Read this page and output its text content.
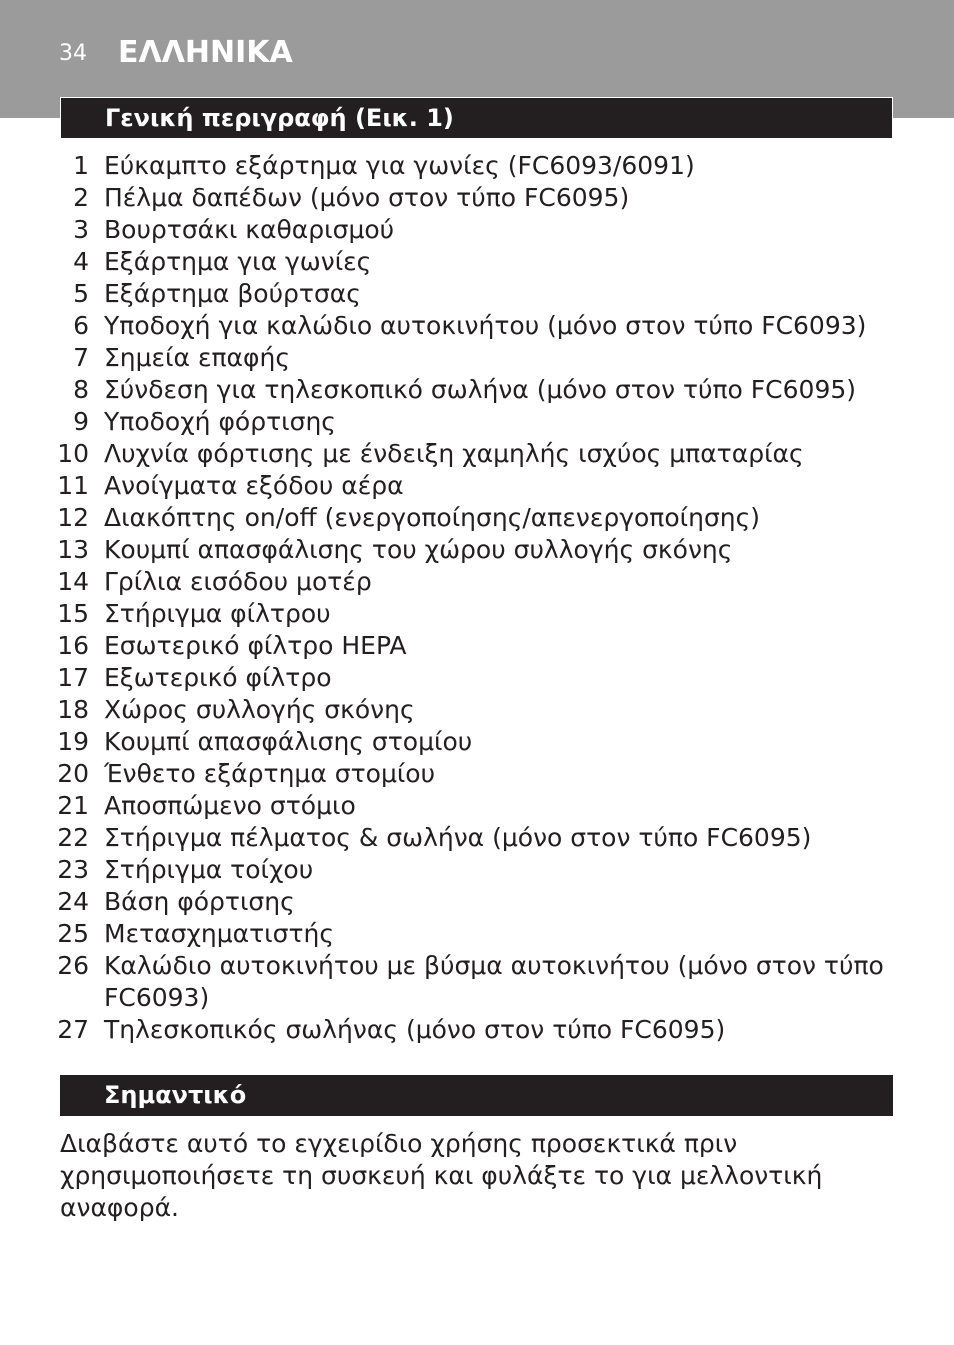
34 ΕΛΛΗΝΙΚΑ
Γενική περιγραφή (Εικ. 1)
1 Εύκαμπτο εξάρτημα για γωνίες (FC6093/6091)
2 Πέλμα δαπέδων (μόνο στον τύπο FC6095)
3 Βουρτσάκι καθαρισμού
4 Εξάρτημα για γωνίες
5 Εξάρτημα βούρτσας
6 Υποδοχή για καλώδιο αυτοκινήτου (μόνο στον τύπο FC6093)
7 Σημεία επαφής
8 Σύνδεση για τηλεσκοπικό σωλήνα (μόνο στον τύπο FC6095)
9 Υποδοχή φόρτισης
10 Λυχνία φόρτισης με ένδειξη χαμηλής ισχύος μπαταρίας
11 Ανοίγματα εξόδου αέρα
12 Διακόπτης on/off (ενεργοποίησης/απενεργοποίησης)
13 Κουμπί απασφάλισης του χώρου συλλογής σκόνης
14 Γρίλια εισόδου μοτέρ
15 Στήριγμα φίλτρου
16 Εσωτερικό φίλτρο HEPA
17 Εξωτερικό φίλτρο
18 Χώρος συλλογής σκόνης
19 Κουμπί απασφάλισης στομίου
20 Ένθετο εξάρτημα στομίου
21 Αποσπώμενο στόμιο
22 Στήριγμα πέλματος & σωλήνα (μόνο στον τύπο FC6095)
23 Στήριγμα τοίχου
24 Βάση φόρτισης
25 Μετασχηματιστής
26 Καλώδιο αυτοκινήτου με βύσμα αυτοκινήτου (μόνο στον τύπο FC6093)
27 Τηλεσκοπικός σωλήνας (μόνο στον τύπο FC6095)
Σημαντικό

Διαβάστε αυτό το εγχειρίδιο χρήσης προσεκτικά πριν χρησιμοποιήσετε τη συσκευή και φυλάξτε το για μελλοντική αναφορά.
